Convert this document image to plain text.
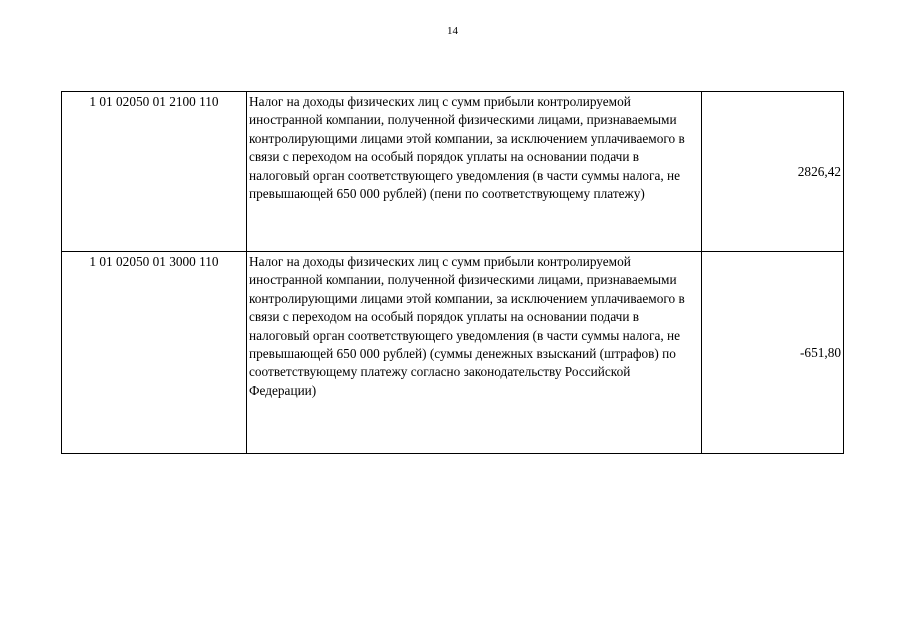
14
1 01 02050 01 2100 110	Налог на доходы физических лиц с сумм прибыли контролируемой иностранной компании, полученной физическими лицами, признаваемыми контролирующими лицами этой компании, за исключением уплачиваемого в связи с переходом на особый порядок уплаты на основании подачи в налоговый орган соответствующего уведомления (в части суммы налога, не превышающей 650 000 рублей) (пени по соответствующему платежу)	2826,42
1 01 02050 01 3000 110	Налог на доходы физических лиц с сумм прибыли контролируемой иностранной компании, полученной физическими лицами, признаваемыми контролирующими лицами этой компании, за исключением уплачиваемого в связи с переходом на особый порядок уплаты на основании подачи в налоговый орган соответствующего уведомления (в части суммы налога, не превышающей 650 000 рублей) (суммы денежных взысканий (штрафов) по соответствующему платежу согласно законодательству Российской Федерации)	-651,80
